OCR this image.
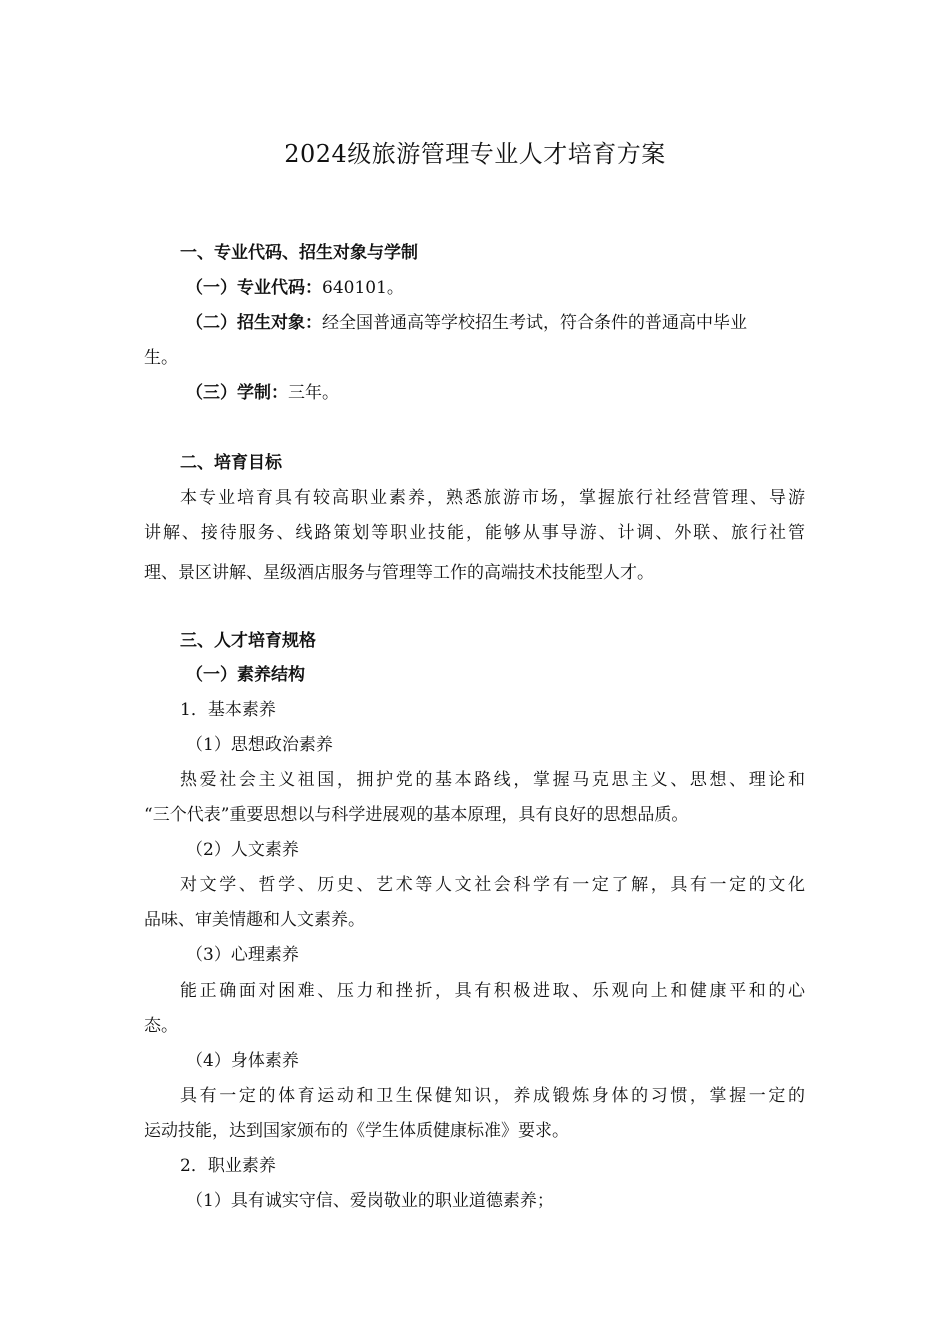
2024级旅游管理专业人才培育方案
一、专业代码、招生对象与学制
（一）专业代码：640101。
（二）招生对象：经全国普通高等学校招生考试，符合条件的普通高中毕业
生。
（三）学制：三年。
二、培育目标
本专业培育具有较高职业素养，熟悉旅游市场，掌握旅行社经营管理、导游
讲解、接待服务、线路策划等职业技能，能够从事导游、计调、外联、旅行社管
理、景区讲解、星级酒店服务与管理等工作的高端技术技能型人才。
三、人才培育规格
（一）素养结构
1．基本素养
（1）思想政治素养
热爱社会主义祖国，拥护党的基本路线，掌握马克思主义、思想、理论和
“三个代表”重要思想以与科学进展观的基本原理，具有良好的思想品质。
（2）人文素养
对文学、哲学、历史、艺术等人文社会科学有一定了解，具有一定的文化
品味、审美情趣和人文素养。
（3）心理素养
能正确面对困难、压力和挫折，具有积极进取、乐观向上和健康平和的心
态。
（4）身体素养
具有一定的体育运动和卫生保健知识，养成锻炼身体的习惯，掌握一定的
运动技能，达到国家颁布的《学生体质健康标准》要求。
2．职业素养
（1）具有诚实守信、爱岗敬业的职业道德素养；
